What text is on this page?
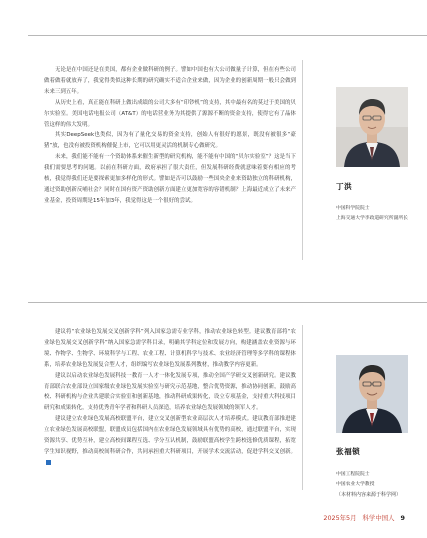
无论是在中国还是在美国，都有企业做科研的例子。譬如中国也有大公司做量子计算，但在有些公司做着做着就放弃了，我觉得类似这种长期的研究确实不适合企业来做，因为企业的创新周期一般只会做到未来三到五年。

从历史上看，真正能在科研上做出成绩的公司大多有“印钞机”的支持，其中最有名的莫过于美国的贝尔实验室。美国电话电报公司（AT&T）的电话营业务为其提供了源源不断的资金支持，使得它有了晶体管这样的伟大发明。

其实DeepSeek也类似，因为有了量化交易的资金支持，创始人有很好的愿景，既没有被很多“豪猪”放，也没有被投资机构催促上市，它可以用更灵活的机制专心做研究。

未来，我们能不能有一个资助体系来催生新型的研究机构，能不能有中国的“贝尔实验室”？这是当下我们需要思考的问题。以前在科研方面，政府承担了很大责任，但发展科研经费就意味着要有相应的考核，我觉得我们还是要探索更加多样化的形式。譬如是否可以鼓励一些国央企业来资助独立的科研机构，通过资助创新反哺社会？同时在国有资产资助创新方面建立更加宽容的容错机制？上海最近成立了未来产业基金，投资周期是15年加3年，我觉得这是一个很好的尝试。

丁洪
中国科学院院士
上海交通大学李政道研究所副所长

建议将“农业绿色发展交叉创新学科”列入国家急需专业学科，推动农业绿色转型。建议教育部将“农业绿色发展交叉创新学科”纳入国家急需学科目录，明确其学科定位和发展方向，构建涵盖农业资源与环境、作物学、生物学、环境科学与工程、农业工程、计算机科学与技术、农业经济管理等多学科的课程体系，培养农业绿色发展复合型人才，组织编写农业绿色发展系列教材，推动教学内容更新。

建议以启动农业绿色发展科技一教育一人才一体化发展专项，推动全国产学研交叉创新研究。建议教育部联合农业部设立国家级农业绿色发展实验室与研究示范基地，整合优势资源，推动协同创新，鼓励高校、科研机构与企业共建联合实验室和创新基地，推动科研成果转化，设立专项基金，支持重大科技项目研究和成果转化，支持优秀青年学者和科研人员深造，培养农业绿色发展领域的领军人才。

建议建立农业绿色发展高校联盟平台，建立交叉创新型农业高层次人才培养模式。建议教育部推进建立农业绿色发展高校联盟，联盟成员包括国内在农业绿色发展领域具有优势的高校，通过联盟平台，实现资源共享、优势互补，建立高校间课程互选、学分互认机制，鼓励联盟高校学生跨校选修优质课程，拓宽学生知识视野，推动高校间科研合作，共同承担重大科研项目，开展学术交流活动，促进学科交叉创新。	张福锁
中国工程院院士
中国农业大学教授
（本材料内容来源于科学网）
2025年5月 科学中国人 9
